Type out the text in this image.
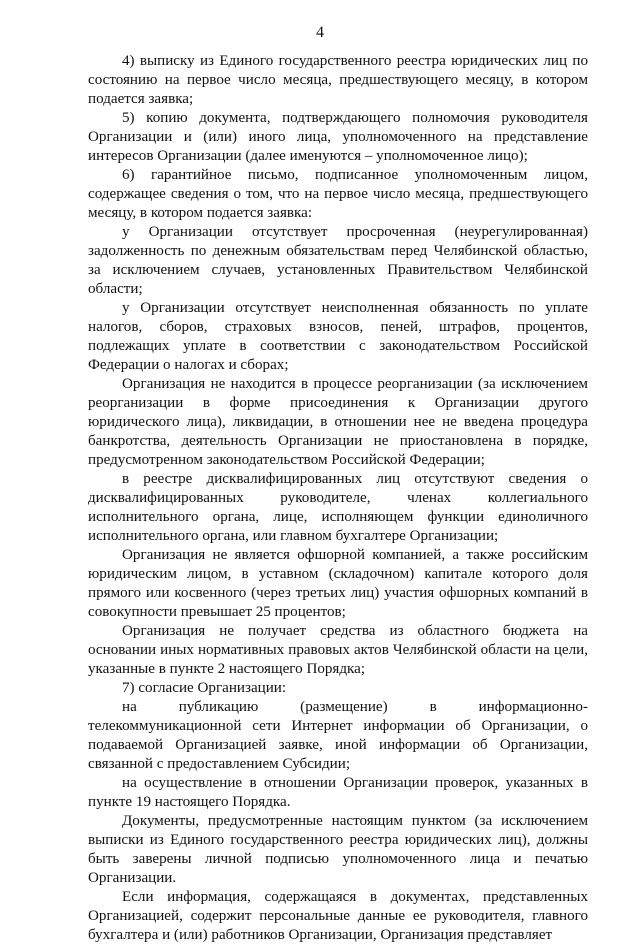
4

4) выписку из Единого государственного реестра юридических лиц по состоянию на первое число месяца, предшествующего месяцу, в котором подается заявка;

5) копию документа, подтверждающего полномочия руководителя Организации и (или) иного лица, уполномоченного на представление интересов Организации (далее именуются – уполномоченное лицо);

6) гарантийное письмо, подписанное уполномоченным лицом, содержащее сведения о том, что на первое число месяца, предшествующего месяцу, в котором подается заявка:

у Организации отсутствует просроченная (неурегулированная) задолженность по денежным обязательствам перед Челябинской областью, за исключением случаев, установленных Правительством Челябинской области;

у Организации отсутствует неисполненная обязанность по уплате налогов, сборов, страховых взносов, пеней, штрафов, процентов, подлежащих уплате в соответствии с законодательством Российской Федерации о налогах и сборах;

Организация не находится в процессе реорганизации (за исключением реорганизации в форме присоединения к Организации другого юридического лица), ликвидации, в отношении нее не введена процедура банкротства, деятельность Организации не приостановлена в порядке, предусмотренном законодательством Российской Федерации;

в реестре дисквалифицированных лиц отсутствуют сведения о дисквалифицированных руководителе, членах коллегиального исполнительного органа, лице, исполняющем функции единоличного исполнительного органа, или главном бухгалтере Организации;

Организация не является офшорной компанией, а также российским юридическим лицом, в уставном (складочном) капитале которого доля прямого или косвенного (через третьих лиц) участия офшорных компаний в совокупности превышает 25 процентов;

Организация не получает средства из областного бюджета на основании иных нормативных правовых актов Челябинской области на цели, указанные в пункте 2 настоящего Порядка;

7) согласие Организации:

на публикацию (размещение) в информационно-телекоммуникационной сети Интернет информации об Организации, о подаваемой Организацией заявке, иной информации об Организации, связанной с предоставлением Субсидии;

на осуществление в отношении Организации проверок, указанных в пункте 19 настоящего Порядка.

Документы, предусмотренные настоящим пунктом (за исключением выписки из Единого государственного реестра юридических лиц), должны быть заверены личной подписью уполномоченного лица и печатью Организации.

Если информация, содержащаяся в документах, представленных Организацией, содержит персональные данные ее руководителя, главного бухгалтера и (или) работников Организации, Организация представляет
